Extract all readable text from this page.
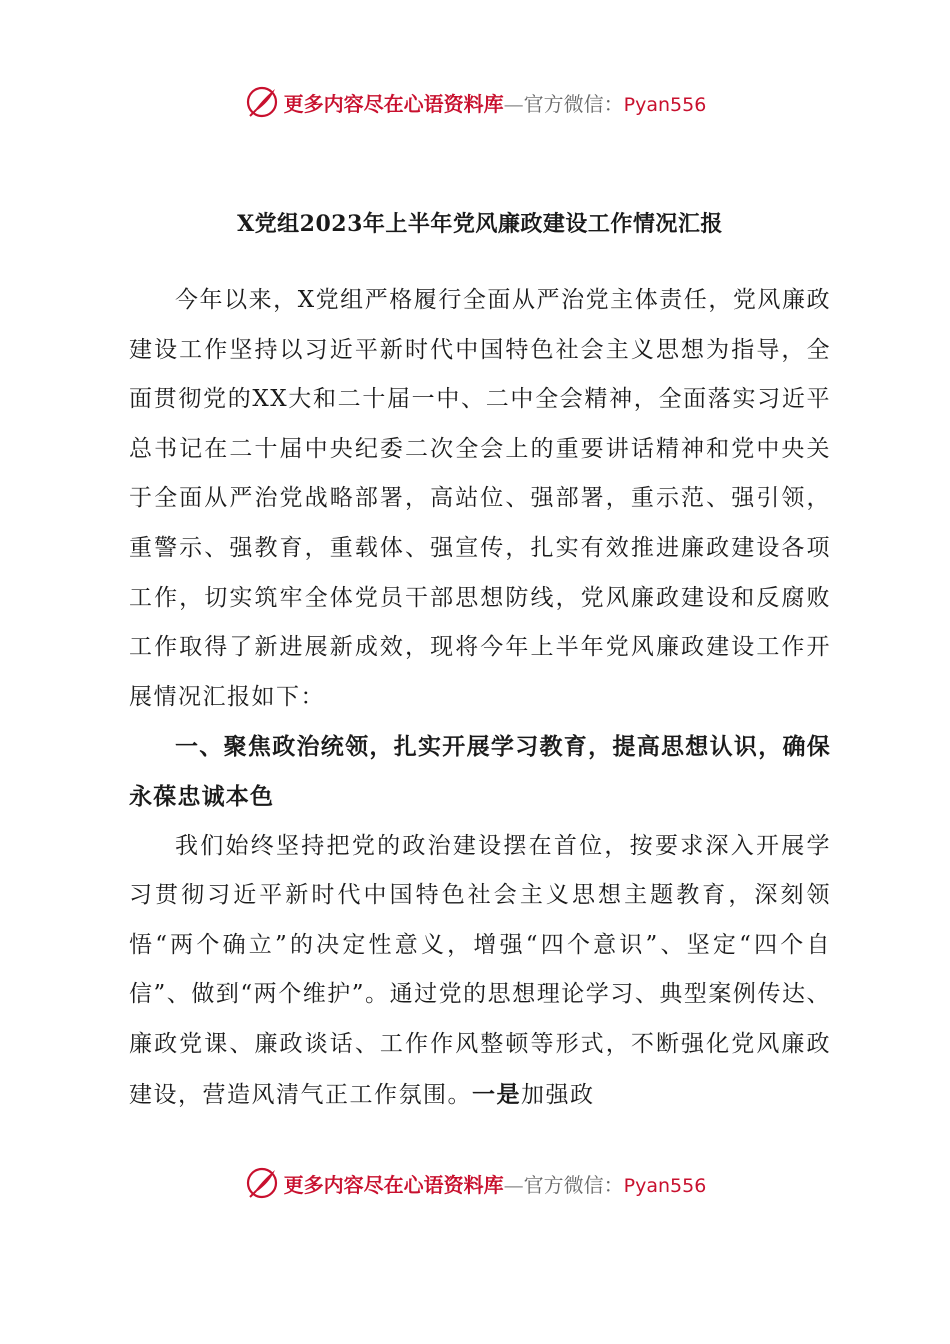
更多内容尽在心语资料库—官方微信：Pyan556
X党组2023年上半年党风廉政建设工作情况汇报

今年以来，X党组严格履行全面从严治党主体责任，党风廉政建设工作坚持以习近平新时代中国特色社会主义思想为指导，全面贯彻党的XX大和二十届一中、二中全会精神，全面落实习近平总书记在二十届中央纪委二次全会上的重要讲话精神和党中央关于全面从严治党战略部署，高站位、强部署，重示范、强引领，重警示、强教育，重载体、强宣传，扎实有效推进廉政建设各项工作，切实筑牢全体党员干部思想防线，党风廉政建设和反腐败工作取得了新进展新成效，现将今年上半年党风廉政建设工作开展情况汇报如下：

一、聚焦政治统领，扎实开展学习教育，提高思想认识，确保永葆忠诚本色

我们始终坚持把党的政治建设摆在首位，按要求深入开展学习贯彻习近平新时代中国特色社会主义思想主题教育，深刻领悟“两个确立”的决定性意义，增强“四个意识”、坚定“四个自信”、做到“两个维护”。通过党的思想理论学习、典型案例传达、廉政党课、廉政谈话、工作作风整顿等形式，不断强化党风廉政建设，营造风清气正工作氛围。一是加强政

更多内容尽在心语资料库—官方微信：Pyan556
